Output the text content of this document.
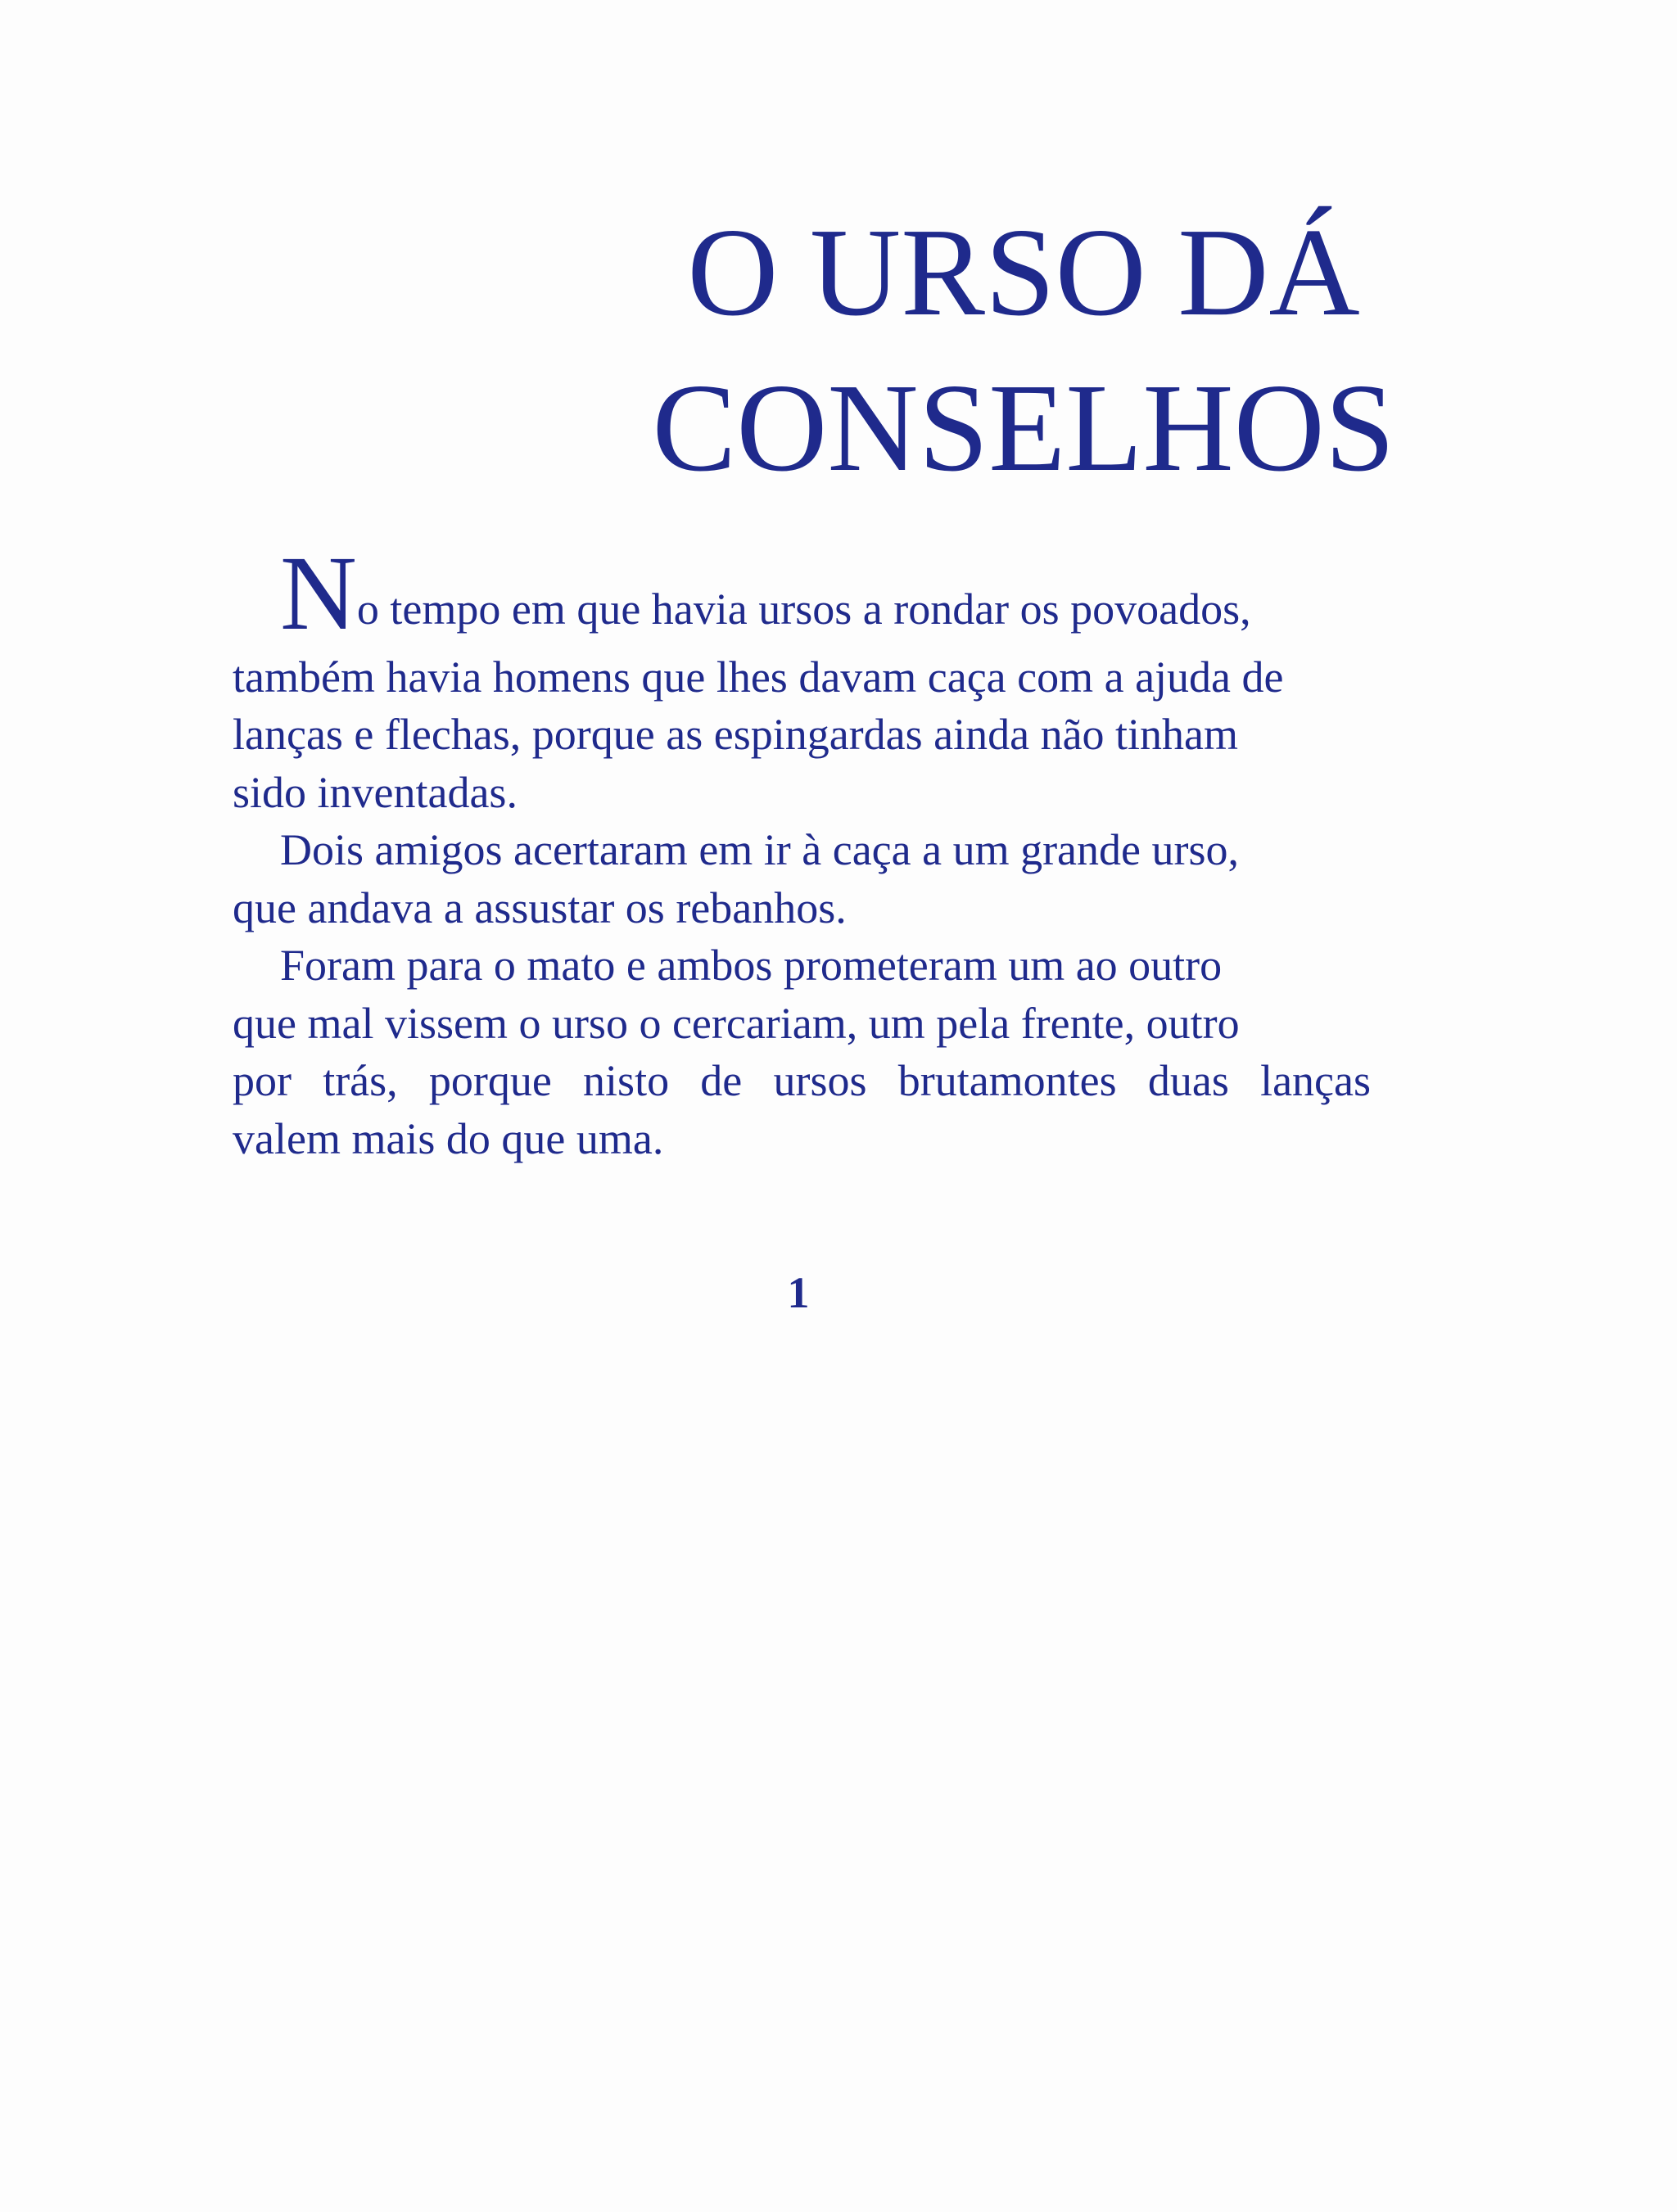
O URSO DÁ
CONSELHOS
No tempo em que havia ursos a rondar os povoados,
também havia homens que lhes davam caça com a ajuda de
lanças e flechas, porque as espingardas ainda não tinham
sido inventadas.
Dois amigos acertaram em ir à caça a um grande urso,
que andava a assustar os rebanhos.
Foram para o mato e ambos prometeram um ao outro
que mal vissem o urso o cercariam, um pela frente, outro
por trás, porque nisto de ursos brutamontes duas lanças
valem mais do que uma.
1
